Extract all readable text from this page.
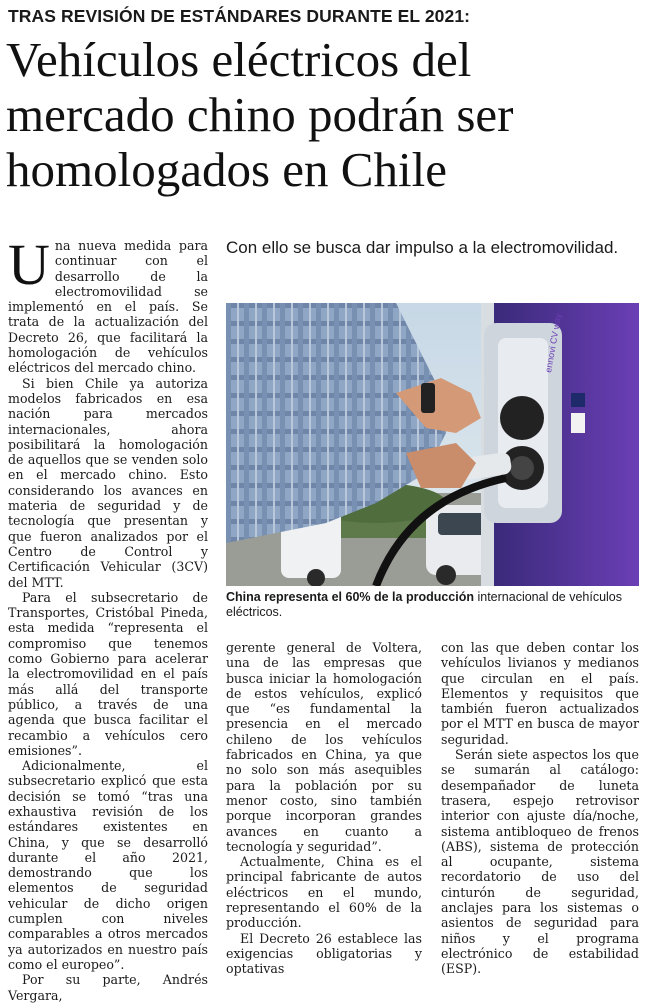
TRAS REVISIÓN DE ESTÁNDARES DURANTE EL 2021:
Vehículos eléctricos del
mercado chino podrán ser
homologados en Chile

Una nueva medida para continuar con el desarrollo de la electromovilidad se implementó en el país. Se trata de la actualización del Decreto 26, que facilitará la homologación de vehículos eléctricos del mercado chino.

Si bien Chile ya autoriza modelos fabricados en esa nación para mercados internacionales, ahora posibilitará la homologación de aquellos que se venden solo en el mercado chino. Esto considerando los avances en materia de seguridad y de tecnología que presentan y que fueron analizados por el Centro de Control y Certificación Vehicular (3CV) del MTT.

Para el subsecretario de Transportes, Cristóbal Pineda, esta medida “representa el compromiso que tenemos como Gobierno para acelerar la electromovilidad en el país más allá del transporte público, a través de una agenda que busca facilitar el recambio a vehículos cero emisiones”.

Adicionalmente, el subsecretario explicó que esta decisión se tomó “tras una exhaustiva revisión de los estándares existentes en China, y que se desarrolló durante el año 2021, demostrando que los elementos de seguridad vehicular de dicho origen cumplen con niveles comparables a otros mercados ya autorizados en nuestro país como el europeo”.

Por su parte, Andrés Vergara,

Con ello se busca dar impulso a la electromovilidad.
ennovi CV way
China representa el 60% de la producción internacional de vehículos eléctricos.

gerente general de Voltera, una de las empresas que busca iniciar la homologación de estos vehículos, explicó que “es fundamental la presencia en el mercado chileno de los vehículos fabricados en China, ya que no solo son más asequibles para la población por su menor costo, sino también porque incorporan grandes avances en cuanto a tecnología y seguridad”.

Actualmente, China es el principal fabricante de autos eléctricos en el mundo, representando el 60% de la producción.

El Decreto 26 establece las exigencias obligatorias y optativas

con las que deben contar los vehículos livianos y medianos que circulan en el país. Elementos y requisitos que también fueron actualizados por el MTT en busca de mayor seguridad.

Serán siete aspectos los que se sumarán al catálogo: desempañador de luneta trasera, espejo retrovisor interior con ajuste día/noche, sistema antibloqueo de frenos (ABS), sistema de protección al ocupante, sistema recordatorio de uso del cinturón de seguridad, anclajes para los sistemas o asientos de seguridad para niños y el programa electrónico de estabilidad (ESP).
